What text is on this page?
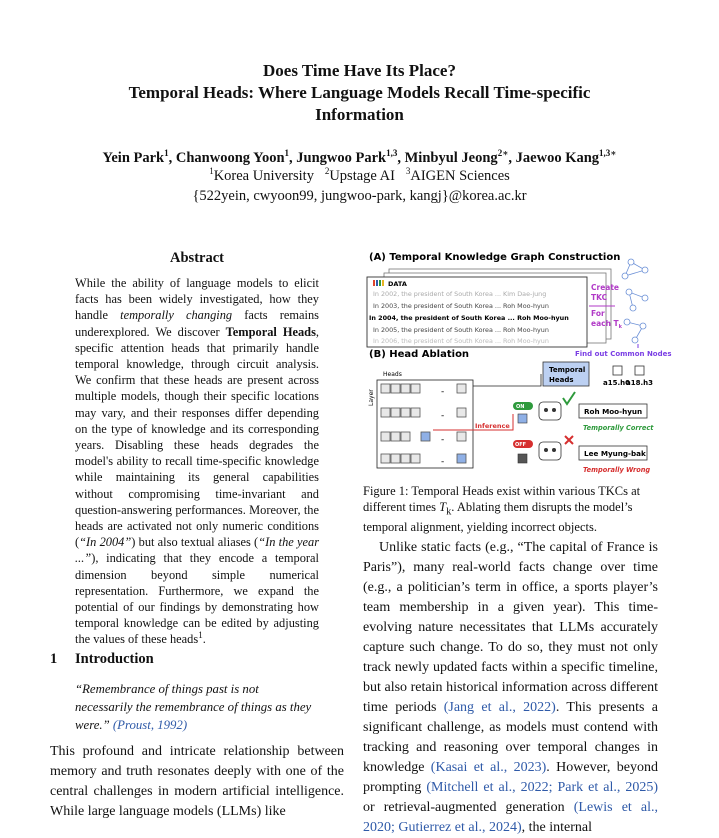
Does Time Have Its Place?
Temporal Heads: Where Language Models Recall Time-specific
Information
Yein Park$^1$, Chanwoong Yoon$^1$, Jungwoo Park$^{1,3}$, Minbyul Jeong$^{2∗}$, Jaewoo Kang$^{1,3∗}$
$^1$Korea University $^2$Upstage AI $^3$AIGEN Sciences
{522yein, cwyoon99, jungwoo-park, kangj}@korea.ac.kr
Abstract
While the ability of language models to elicit facts has been widely investigated, how they handle temporally changing facts remains underexplored. We discover Temporal Heads, specific attention heads that primarily handle temporal knowledge, through circuit analysis. We confirm that these heads are present across multiple models, though their specific locations may vary, and their responses differ depending on the type of knowledge and its corresponding years. Disabling these heads degrades the model's ability to recall time-specific knowledge while maintaining its general capabilities without compromising time-invariant and question-answering performances. Moreover, the heads are activated not only numeric conditions (“In 2004”) but also textual aliases (“In the year ...”), indicating that they encode a temporal dimension beyond simple numerical representation. Furthermore, we expand the potential of our findings by demonstrating how temporal knowledge can be edited by adjusting the values of these heads$^1$.
1 Introduction
“Remembrance of things past is not necessarily the remembrance of things as they were.” (Proust, 1992)
This profound and intricate relationship between memory and truth resonates deeply with one of the central challenges in modern artificial intelligence. While large language models (LLMs) like
(A) Temporal Knowledge Graph Construction
DATA
In 2002, the president of South Korea ... Kim Dae-jung
In 2003, the president of South Korea ... Roh Moo-hyun
In 2004, the president of South Korea ... Roh Moo-hyun
In 2005, the president of South Korea ... Roh Moo-hyun
In 2006, the president of South Korea ... Roh Moo-hyun
Create
TKC
For
each $T_k$
(B) Head Ablation	Find out Common Nodes
Heads
Layer	-
-
-
-
Temporal
Heads	a15.h0
a18.h3
Inference
ON	Roh Moo-hyun
Temporally Correct
OFF
Lee Myung-bak
Temporally Wrong
Figure 1: Temporal Heads exist within various TKCs at different times $T_k$. Ablating them disrupts the model’s temporal alignment, yielding incorrect objects.
Unlike static facts (e.g., “The capital of France is Paris”), many real-world facts change over time (e.g., a politician’s term in office, a sports player’s team membership in a given year). This time-evolving nature necessitates that LLMs accurately capture such change. To do so, they must not only track newly updated facts within a specific timeline, but also retain historical information across different time periods (Jang et al., 2022). This presents a significant challenge, as models must contend with tracking and reasoning over temporal changes in knowledge (Kasai et al., 2023). However, beyond prompting (Mitchell et al., 2022; Park et al., 2025) or retrieval-augmented generation (Lewis et al., 2020; Gutierrez et al., 2024), the internal
